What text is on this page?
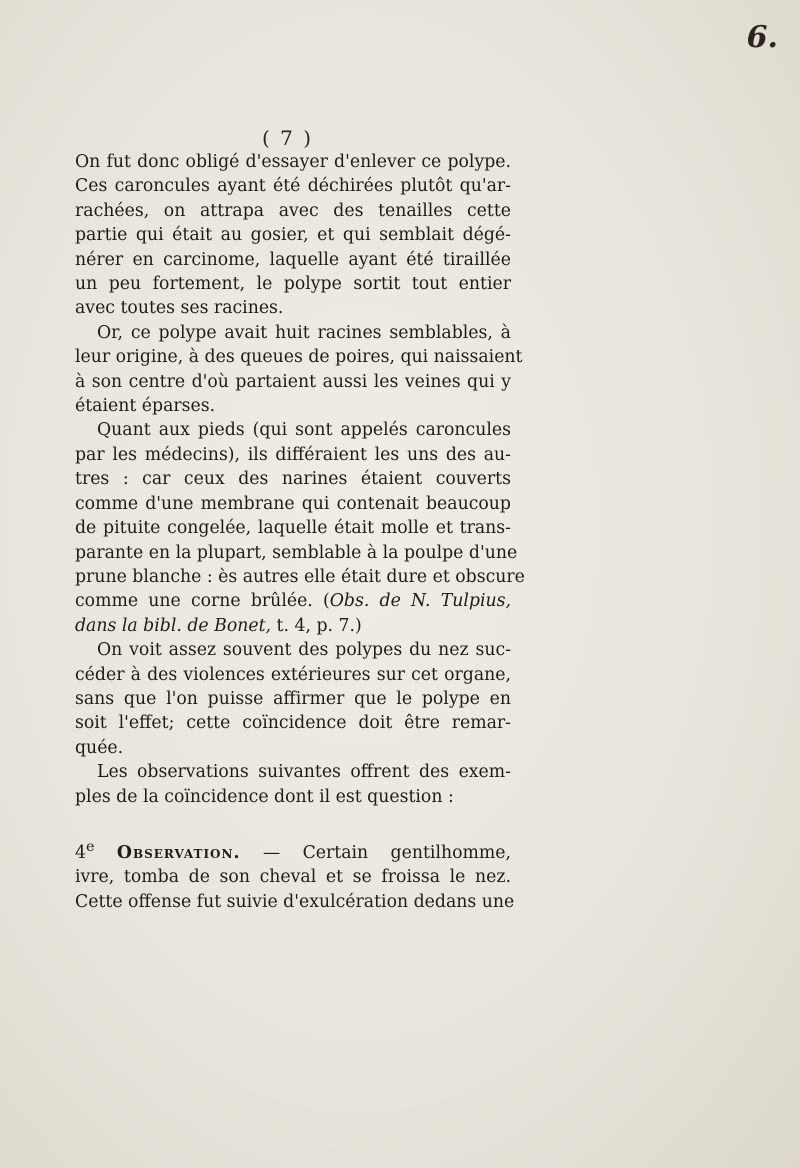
6.
( 7 )
On fut donc obligé d'essayer d'enlever ce polype.
Ces caroncules ayant été déchirées plutôt qu'ar-
rachées, on attrapa avec des tenailles cette
partie qui était au gosier, et qui semblait dégé-
nérer en carcinome, laquelle ayant été tiraillée
un peu fortement, le polype sortit tout entier
avec toutes ses racines.
Or, ce polype avait huit racines semblables, à
leur origine, à des queues de poires, qui naissaient
à son centre d'où partaient aussi les veines qui y
étaient éparses.
Quant aux pieds (qui sont appelés caroncules
par les médecins), ils différaient les uns des au-
tres : car ceux des narines étaient couverts
comme d'une membrane qui contenait beaucoup
de pituite congelée, laquelle était molle et trans-
parante en la plupart, semblable à la poulpe d'une
prune blanche : ès autres elle était dure et obscure
comme une corne brûlée. (Obs. de N. Tulpius,
dans la bibl. de Bonet, t. 4, p. 7.)
On voit assez souvent des polypes du nez suc-
céder à des violences extérieures sur cet organe,
sans que l'on puisse affirmer que le polype en
soit l'effet; cette coïncidence doit être remar-
quée.
Les observations suivantes offrent des exem-
ples de la coïncidence dont il est question :
4e Observation. — Certain gentilhomme,
ivre, tomba de son cheval et se froissa le nez.
Cette offense fut suivie d'exulcération dedans une
